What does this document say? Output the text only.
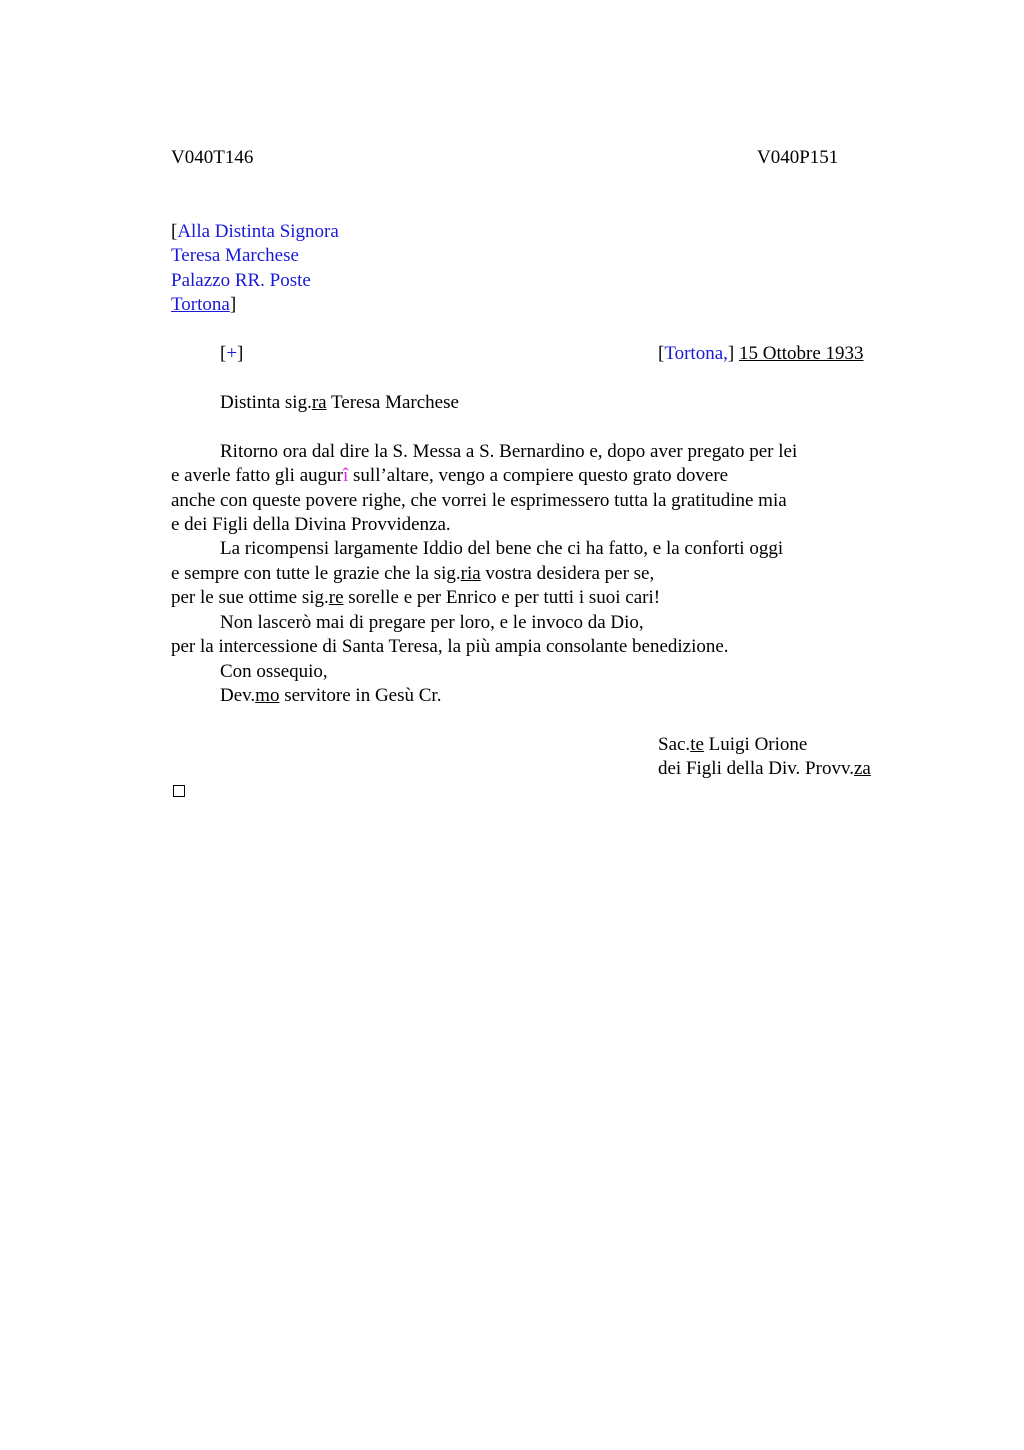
V040T146	V040P151
[Alla Distinta Signora
Teresa Marchese
Palazzo RR. Poste
Tortona]
[+]	[Tortona,] 15 Ottobre 1933
Distinta sig.ra Teresa Marchese
Ritorno ora dal dire la S. Messa a S. Bernardino e, dopo aver pregato per lei
e averle fatto gli augurî sull’altare, vengo a compiere questo grato dovere
anche con queste povere righe, che vorrei le esprimessero tutta la gratitudine mia
e dei Figli della Divina Provvidenza.
La ricompensi largamente Iddio del bene che ci ha fatto, e la conforti oggi
e sempre con tutte le grazie che la sig.ria vostra desidera per se,
per le sue ottime sig.re sorelle e per Enrico e per tutti i suoi cari!
Non lascerò mai di pregare per loro, e le invoco da Dio,
per la intercessione di Santa Teresa, la più ampia consolante benedizione.
Con ossequio,
Dev.mo servitore in Gesù Cr.
Sac.te Luigi Orione
dei Figli della Div. Provv.za
